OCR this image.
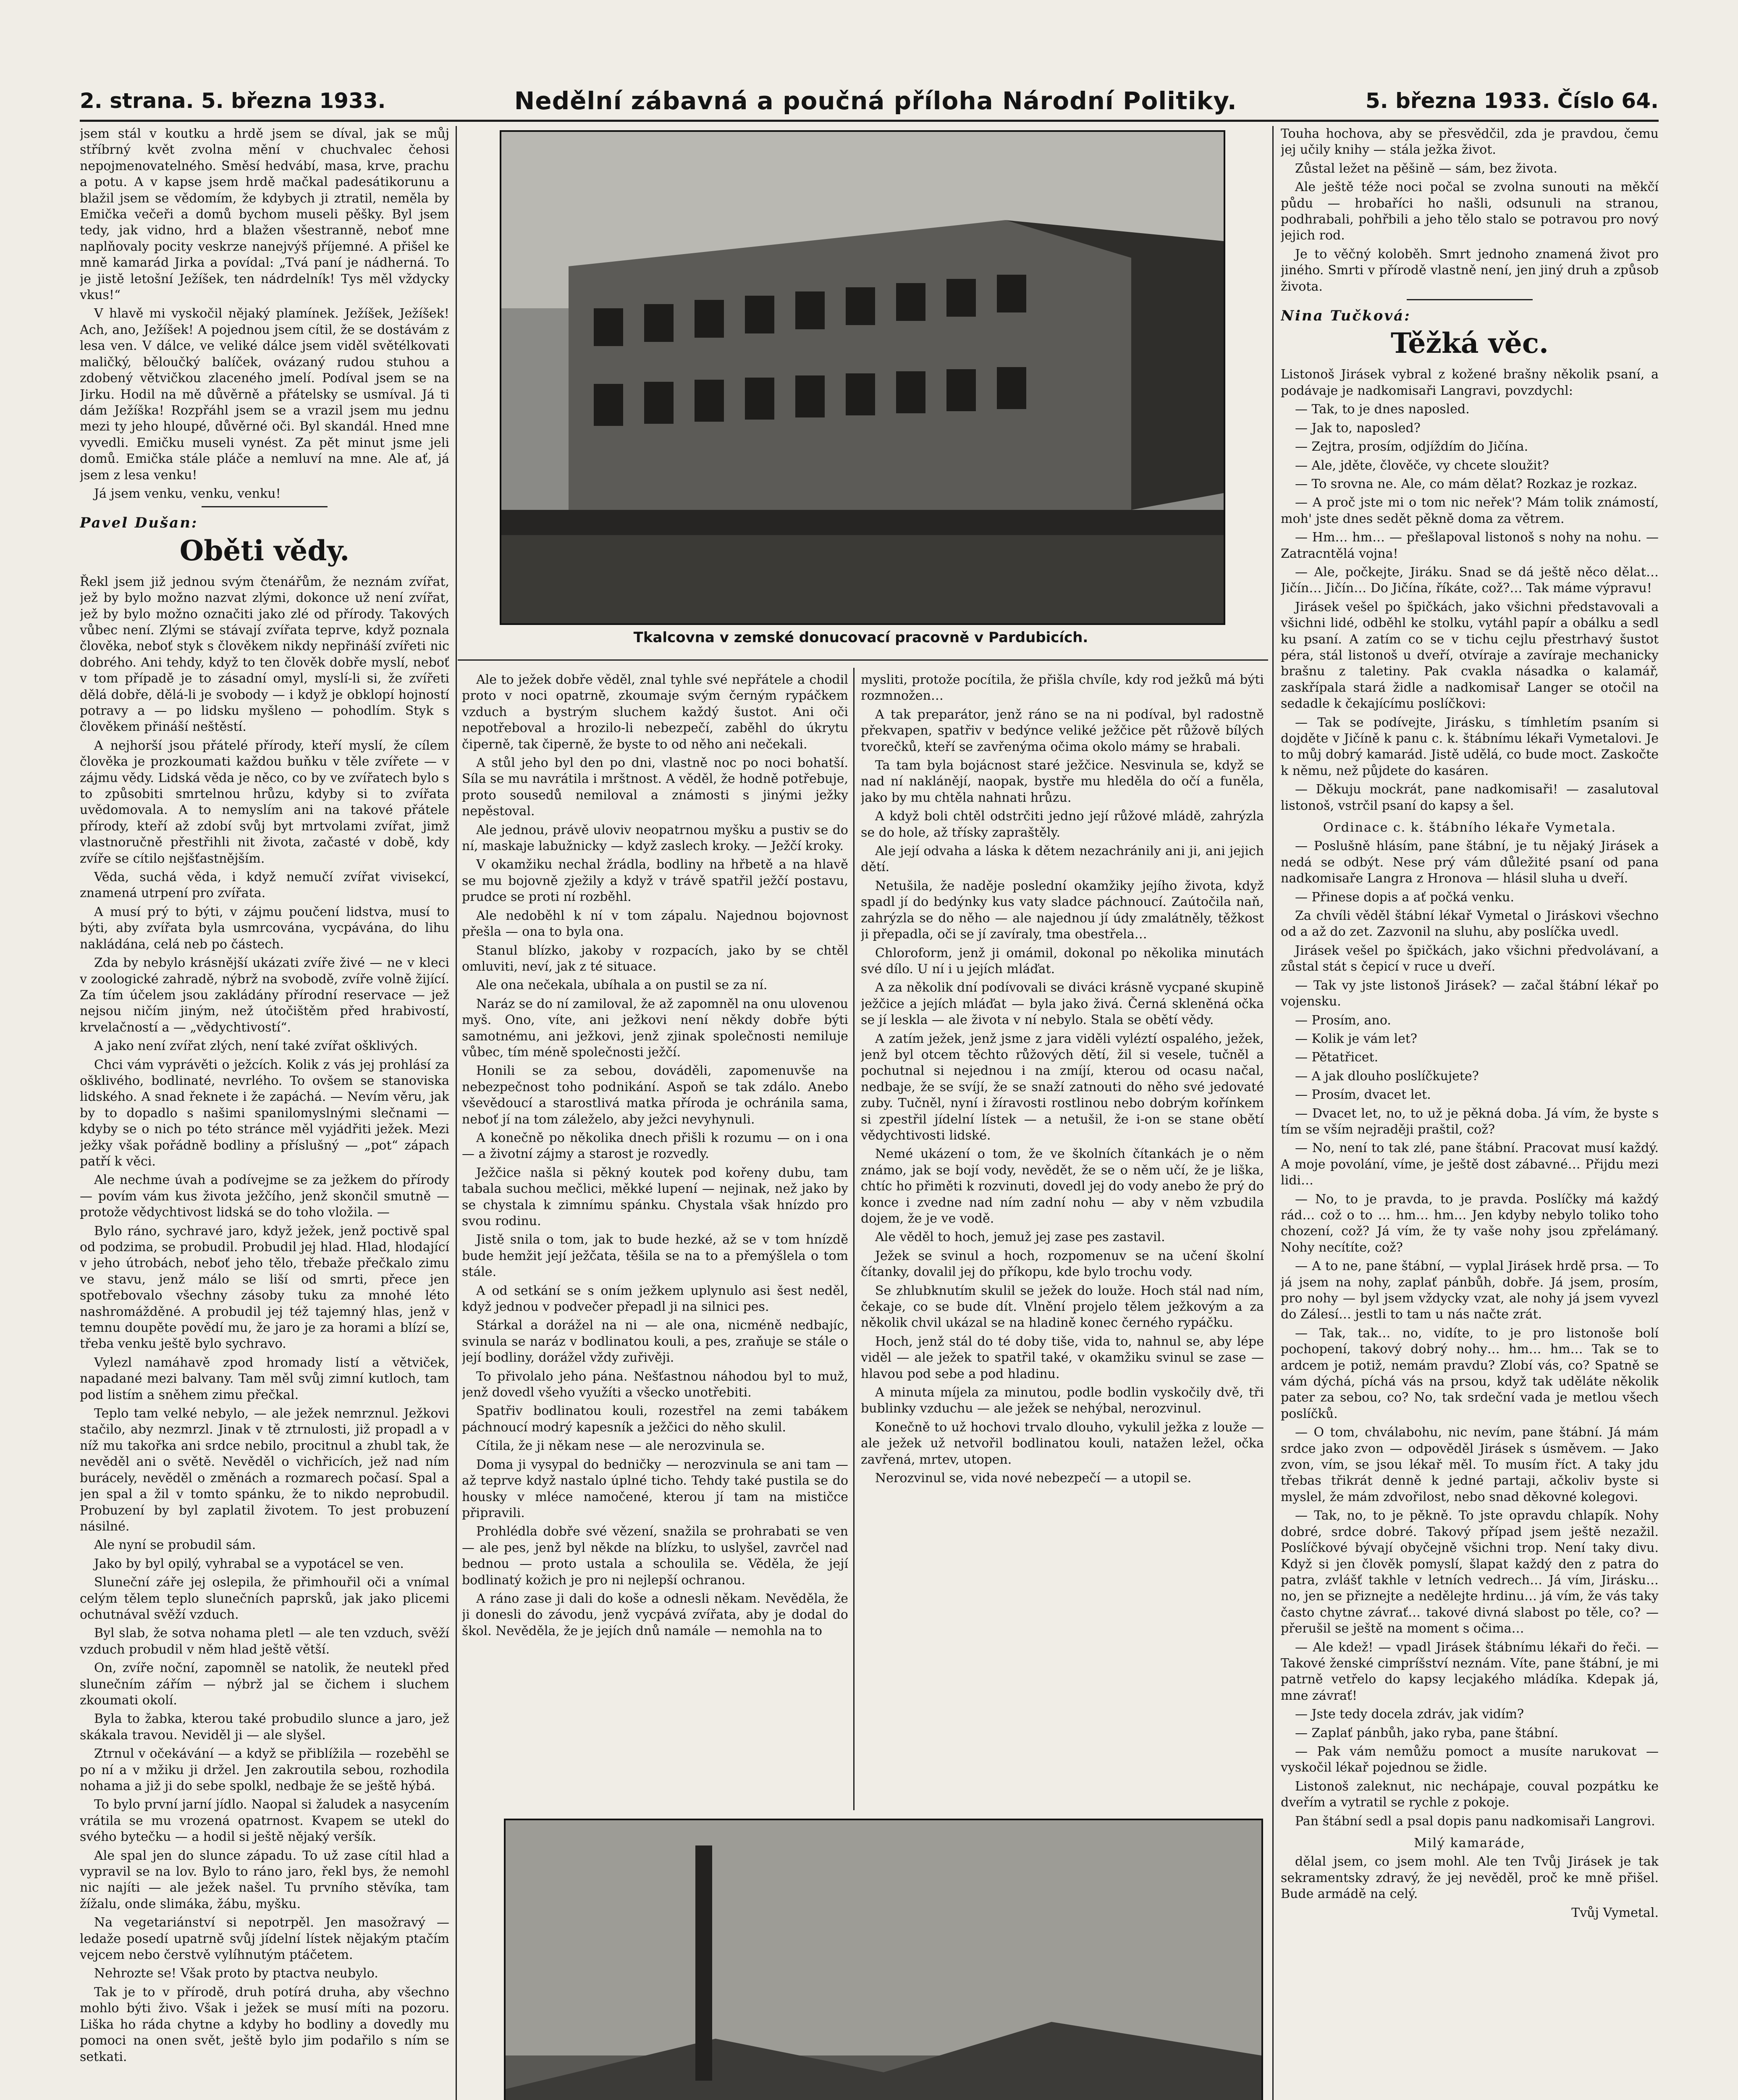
2. strana. 5. března 1933.	Nedělní zábavná a poučná příloha Národní Politiky.	5. března 1933. Číslo 64.

jsem stál v koutku a hrdě jsem se díval, jak se můj stříbrný květ zvolna mění v chuchvalec čehosi nepojmenovatelného. Směsí hedvábí, masa, krve, prachu a potu. A v kapse jsem hrdě mačkal padesátikorunu a blažil jsem se vědomím, že kdybych ji ztratil, neměla by Emička večeři a domů bychom museli pěšky. Byl jsem tedy, jak vidno, hrd a blažen všestranně, neboť mne naplňovaly pocity veskrze nanejvýš příjemné. A přišel ke mně kamarád Jirka a povídal: „Tvá paní je nádherná. To je jistě letošní Ježíšek, ten nádrdelník! Tys měl vždycky vkus!“

V hlavě mi vyskočil nějaký plamínek. Ježíšek, Ježíšek! Ach, ano, Ježíšek! A pojednou jsem cítil, že se dostávám z lesa ven. V dálce, ve veliké dálce jsem viděl světélkovati maličký, běloučký balíček, ovázaný rudou stuhou a zdobený větvičkou zlaceného jmelí. Podíval jsem se na Jirku. Hodil na mě důvěrně a přátelsky se usmíval. Já ti dám Ježíška! Rozpřáhl jsem se a vrazil jsem mu jednu mezi ty jeho hloupé, důvěrné oči. Byl skandál. Hned mne vyvedli. Emičku museli vynést. Za pět minut jsme jeli domů. Emička stále pláče a nemluví na mne. Ale ať, já jsem z lesa venku!

Já jsem venku, venku, venku!

Pavel Dušan:
Oběti vědy.

Řekl jsem již jednou svým čtenářům, že neznám zvířat, jež by bylo možno nazvat zlými, dokonce už není zvířat, jež by bylo možno označiti jako zlé od přírody. Takových vůbec není. Zlými se stávají zvířata teprve, když poznala člověka, neboť styk s člověkem nikdy nepřináší zvířeti nic dobrého. Ani tehdy, když to ten člověk dobře myslí, neboť v tom případě je to zásadní omyl, myslí-li si, že zvířeti dělá dobře, dělá-li je svobody — i když je obklopí hojností potravy a — po lidsku myšleno — pohodlím. Styk s člověkem přináší neštěstí.

A nejhorší jsou přátelé přírody, kteří myslí, že cílem člověka je prozkoumati každou buňku v těle zvířete — v zájmu vědy. Lidská věda je něco, co by ve zvířatech bylo s to způsobiti smrtelnou hrůzu, kdyby si to zvířata uvědomovala. A to nemyslím ani na takové přátele přírody, kteří až zdobí svůj byt mrtvolami zvířat, jimž vlastnoručně přestřihli nit života, začasté v době, kdy zvíře se cítilo nejšťastnějším.

Věda, suchá věda, i když nemučí zvířat vivisekcí, znamená utrpení pro zvířata.

A musí prý to býti, v zájmu poučení lidstva, musí to býti, aby zvířata byla usmrcována, vycpávána, do lihu nakládána, celá neb po částech.

Zda by nebylo krásnější ukázati zvíře živé — ne v kleci v zoologické zahradě, nýbrž na svobodě, zvíře volně žijící. Za tím účelem jsou zakládány přírodní reservace — jež nejsou ničím jiným, než útočištěm před hrabivostí, krvelačností a — „vědychtivostí“.

A jako není zvířat zlých, není také zvířat ošklivých.

Chci vám vyprávěti o ježcích. Kolik z vás jej prohlásí za ošklivého, bodlinaté, nevrlého. To ovšem se stanoviska lidského. A snad řeknete i že zapáchá. — Nevím věru, jak by to dopadlo s našimi spanilomyslnými slečnami — kdyby se o nich po této stránce měl vyjádřiti ježek. Mezi ježky však pořádně bodliny a příslušný — „pot“ zápach patří k věci.

Ale nechme úvah a podívejme se za ježkem do přírody — povím vám kus života ježčího, jenž skončil smutně — protože vědychtivost lidská se do toho vložila. —

Bylo ráno, sychravé jaro, když ježek, jenž poctivě spal od podzima, se probudil. Probudil jej hlad. Hlad, hlodající v jeho útrobách, neboť jeho tělo, třebaže přečkalo zimu ve stavu, jenž málo se liší od smrti, přece jen spotřebovalo všechny zásoby tuku za mnohé léto nashromážděné. A probudil jej též tajemný hlas, jenž v temnu doupěte povědí mu, že jaro je za horami a blízí se, třeba venku ještě bylo sychravo.

Vylezl namáhavě zpod hromady listí a větviček, napadané mezi balvany. Tam měl svůj zimní kutloch, tam pod listím a sněhem zimu přečkal.

Teplo tam velké nebylo, — ale ježek nemrznul. Ježkovi stačilo, aby nezmrzl. Jinak v tě ztrnulosti, již propadl a v níž mu takořka ani srdce nebilo, procitnul a zhubl tak, že nevěděl ani o světě. Nevěděl o vichřicích, jež nad ním burácely, nevěděl o změnách a rozmarech počasí. Spal a jen spal a žil v tomto spánku, že to nikdo neprobudil. Probuzení by byl zaplatil životem. To jest probuzení násilné.

Ale nyní se probudil sám.

Jako by byl opilý, vyhrabal se a vypotácel se ven.

Sluneční záře jej oslepila, že přimhouřil oči a vnímal celým tělem teplo slunečních paprsků, jak jako plicemi ochutnával svěží vzduch.

Byl slab, že sotva nohama pletl — ale ten vzduch, svěží vzduch probudil v něm hlad ještě větší.

On, zvíře noční, zapomněl se natolik, že neutekl před slunečním zářím — nýbrž jal se čichem i sluchem zkoumati okolí.

Byla to žabka, kterou také probudilo slunce a jaro, jež skákala travou. Neviděl ji — ale slyšel.

Ztrnul v očekávání — a když se přiblížila — rozeběhl se po ní a v mžiku ji držel. Jen zakroutila sebou, rozhodila nohama a již ji do sebe spolkl, nedbaje že se ještě hýbá.

To bylo první jarní jídlo. Naopal si žaludek a nasycením vrátila se mu vrozená opatrnost. Kvapem se utekl do svého bytečku — a hodil si ještě nějaký veršík.

Ale spal jen do slunce západu. To už zase cítil hlad a vypravil se na lov. Bylo to ráno jaro, řekl bys, že nemohl nic najíti — ale ježek našel. Tu prvního stěvíka, tam žížalu, onde slimáka, žábu, myšku.

Na vegetariánství si nepotrpěl. Jen masožravý — ledaže posedí upatrně svůj jídelní lístek nějakým ptačím vejcem nebo čerstvě vylíhnutým ptáčetem.

Nehrozte se! Však proto by ptactva neubylo.

Tak je to v přírodě, druh potírá druha, aby všechno mohlo býti živo. Však i ježek se musí míti na pozoru. Liška ho ráda chytne a kdyby ho bodliny a dovedly mu pomoci na onen svět, ještě bylo jim podařilo s ním se setkati.

Tkalcovna v zemské donucovací pracovně v Pardubicích.

Ale to ježek dobře věděl, znal tyhle své nepřátele a chodil proto v noci opatrně, zkoumaje svým černým rypáčkem vzduch a bystrým sluchem každý šustot. Ani oči nepotřeboval a hrozilo-li nebezpečí, zaběhl do úkrytu čiperně, tak čiperně, že byste to od něho ani nečekali.

A stůl jeho byl den po dni, vlastně noc po noci bohatší. Síla se mu navrátila i mrštnost. A věděl, že hodně potřebuje, proto sousedů nemiloval a známosti s jinými ježky nepěstoval.

Ale jednou, právě uloviv neopatrnou myšku a pustiv se do ní, maskaje labužnicky — když zaslech kroky. — Ježčí kroky.

V okamžiku nechal žrádla, bodliny na hřbetě a na hlavě se mu bojovně zježily a když v trávě spatřil ježčí postavu, prudce se proti ní rozběhl.

Ale nedoběhl k ní v tom zápalu. Najednou bojovnost přešla — ona to byla ona.

Stanul blízko, jakoby v rozpacích, jako by se chtěl omluviti, neví, jak z té situace.

Ale ona nečekala, ubíhala a on pustil se za ní.

Naráz se do ní zamiloval, že až zapomněl na onu ulovenou myš. Ono, víte, ani ježkovi není někdy dobře býti samotnému, ani ježkovi, jenž zjinak společnosti nemiluje vůbec, tím méně společnosti ježčí.

Honili se za sebou, dováděli, zapomenuvše na nebezpečnost toho podnikání. Aspoň se tak zdálo. Anebo vševědoucí a starostlivá matka příroda je ochránila sama, neboť jí na tom záleželo, aby ježci nevyhynuli.

A konečně po několika dnech přišli k rozumu — on i ona — a životní zájmy a starost je rozvedly.

Ježčice našla si pěkný koutek pod kořeny dubu, tam tabala suchou mečlici, měkké lupení — nejinak, než jako by se chystala k zimnímu spánku. Chystala však hnízdo pro svou rodinu.

Jistě snila o tom, jak to bude hezké, až se v tom hnízdě bude hemžit její ježčata, těšila se na to a přemýšlela o tom stále.

A od setkání se s oním ježkem uplynulo asi šest neděl, když jednou v podvečer přepadl ji na silnici pes.

Stárkal a dorážel na ni — ale ona, nicméně nedbajíc, svinula se naráz v bodlinatou kouli, a pes, zraňuje se stále o její bodliny, dorážel vždy zuřivěji.

To přivolalo jeho pána. Nešťastnou náhodou byl to muž, jenž dovedl všeho využíti a všecko unotřebiti.

Spatřiv bodlinatou kouli, rozestřel na zemi tabákem páchnoucí modrý kapesník a ježčici do něho skulil.

Cítila, že ji někam nese — ale nerozvinula se.

Doma ji vysypal do bedničky — nerozvinula se ani tam — až teprve když nastalo úplné ticho. Tehdy také pustila se do housky v mléce namočené, kterou jí tam na mističce připravili.

Prohlédla dobře své vězení, snažila se prohrabati se ven — ale pes, jenž byl někde na blízku, to uslyšel, zavrčel nad bednou — proto ustala a schoulila se. Věděla, že její bodlinatý kožich je pro ni nejlepší ochranou.

A ráno zase ji dali do koše a odnesli někam. Nevěděla, že ji donesli do závodu, jenž vycpává zvířata, aby je dodal do škol. Nevěděla, že je jejích dnů namále — nemohla na to

mysliti, protože pocítila, že přišla chvíle, kdy rod ježků má býti rozmnožen…

A tak preparátor, jenž ráno se na ni podíval, byl radostně překvapen, spatřiv v bedýnce veliké ježčice pět růžově bílých tvorečků, kteří se zavřenýma očima okolo mámy se hrabali.

Ta tam byla bojácnost staré ježčice. Nesvinula se, když se nad ní naklánějí, naopak, bystře mu hleděla do očí a funěla, jako by mu chtěla nahnati hrůzu.

A když boli chtěl odstrčiti jedno její růžové mládě, zahrýzla se do hole, až třísky zapraštěly.

Ale její odvaha a láska k dětem nezachránily ani ji, ani jejich dětí.

Netušila, že naděje poslední okamžiky jejího života, když spadl jí do bedýnky kus vaty sladce páchnoucí. Zaútočila naň, zahrýzla se do něho — ale najednou jí údy zmalátněly, těžkost ji přepadla, oči se jí zavíraly, tma obestřela…

Chloroform, jenž ji omámil, dokonal po několika minutách své dílo. U ní i u jejích mláďat.

A za několik dní podívovali se diváci krásně vycpané skupině ježčice a jejích mláďat — byla jako živá. Černá skleněná očka se jí leskla — ale života v ní nebylo. Stala se obětí vědy.

A zatím ježek, jenž jsme z jara viděli vyléztí ospalého, ježek, jenž byl otcem těchto růžových dětí, žil si vesele, tučněl a pochutnal si nejednou i na zmíjí, kterou od ocasu načal, nedbaje, že se svíjí, že se snaží zatnouti do něho své jedovaté zuby. Tučněl, nyní i žíravosti rostlinou nebo dobrým kořínkem si zpestřil jídelní lístek — a netušil, že i-on se stane obětí vědychtivosti lidské.

Nemé ukázení o tom, že ve školních čítankách je o něm známo, jak se bojí vody, nevědět, že se o něm učí, že je liška, chtíc ho přiměti k rozvinuti, dovedl jej do vody anebo že prý do konce i zvedne nad ním zadní nohu — aby v něm vzbudila dojem, že je ve vodě.

Ale věděl to hoch, jemuž jej zase pes zastavil.

Ježek se svinul a hoch, rozpomenuv se na učení školní čítanky, dovalil jej do příkopu, kde bylo trochu vody.

Se zhlubknutím skulil se ježek do louže. Hoch stál nad ním, čekaje, co se bude dít. Vlnění projelo tělem ježkovým a za několik chvil ukázal se na hladině konec černého rypáčku.

Hoch, jenž stál do té doby tiše, vida to, nahnul se, aby lépe viděl — ale ježek to spatřil také, v okamžiku svinul se zase — hlavou pod sebe a pod hladinu.

A minuta míjela za minutou, podle bodlin vyskočily dvě, tři bublinky vzduchu — ale ježek se nehýbal, nerozvinul.

Konečně to už hochovi trvalo dlouho, vykulil ježka z louže — ale ježek už netvořil bodlinatou kouli, natažen ležel, očka zavřená, mrtev, utopen.

Nerozvinul se, vida nové nebezpečí — a utopil se.

Touha hochova, aby se přesvědčil, zda je pravdou, čemu jej učily knihy — stála ježka život.

Zůstal ležet na pěšině — sám, bez života.

Ale ještě téže noci počal se zvolna sunouti na měkčí půdu — hrobaříci ho našli, odsunuli na stranou, podhrabali, pohřbili a jeho tělo stalo se potravou pro nový jejich rod.

Je to věčný koloběh. Smrt jednoho znamená život pro jiného. Smrti v přírodě vlastně není, jen jiný druh a způsob života.

Nina Tučková:
Těžká věc.

Listonoš Jirásek vybral z kožené brašny několik psaní, a podávaje je nadkomisaři Langravi, povzdychl:

— Tak, to je dnes naposled.

— Jak to, naposled?

— Zejtra, prosím, odjíždím do Jičína.

— Ale, jděte, člověče, vy chcete sloužit?

— To srovna ne. Ale, co mám dělat? Rozkaz je rozkaz.

— A proč jste mi o tom nic neřek'? Mám tolik známostí, moh' jste dnes sedět pěkně doma za větrem.

— Hm… hm… — přešlapoval listonoš s nohy na nohu. — Zatracntělá vojna!

— Ale, počkejte, Jiráku. Snad se dá ještě něco dělat… Jičín… Jičín… Do Jičína, říkáte, což?… Tak máme výpravu!

Jirásek vešel po špičkách, jako všichni představovali a všichni lidé, odběhl ke stolku, vytáhl papír a obálku a sedl ku psaní. A zatím co se v tichu cejlu přestrhavý šustot péra, stál listonoš u dveří, otvíraje a zavíraje mechanicky brašnu z taletiny. Pak cvakla násadka o kalamář, zaskřípala stará židle a nadkomisař Langer se otočil na sedadle k čekajícímu poslíčkovi:

— Tak se podívejte, Jirásku, s tímhletím psaním si dojděte v Jičíně k panu c. k. štábnímu lékaři Vymetalovi. Je to můj dobrý kamarád. Jistě udělá, co bude moct. Zaskočte k němu, než půjdete do kasáren.

— Děkuju mockrát, pane nadkomisaři! — zasalutoval listonoš, vstrčil psaní do kapsy a šel.

Ordinace c. k. štábního lékaře Vymetala.

— Poslušně hlásím, pane štábní, je tu nějaký Jirásek a nedá se odbýt. Nese prý vám důležité psaní od pana nadkomisaře Langra z Hronova — hlásil sluha u dveří.

— Přinese dopis a ať počká venku.

Za chvíli věděl štábní lékař Vymetal o Jiráskovi všechno od a až do zet. Zazvonil na sluhu, aby poslíčka uvedl.

Jirásek vešel po špičkách, jako všichni předvolávaní, a zůstal stát s čepicí v ruce u dveří.

— Tak vy jste listonoš Jirásek? — začal štábní lékař po vojensku.

— Prosím, ano.

— Kolik je vám let?

— Pětatřicet.

— A jak dlouho poslíčkujete?

— Prosím, dvacet let.

— Dvacet let, no, to už je pěkná doba. Já vím, že byste s tím se vším nejraději praštil, což?

— No, není to tak zlé, pane štábní. Pracovat musí každý. A moje povolání, víme, je ještě dost zábavné… Přijdu mezi lidi…

— No, to je pravda, to je pravda. Poslíčky má každý rád… což o to … hm… hm… Jen kdyby nebylo toliko toho chození, což? Já vím, že ty vaše nohy jsou zpřelámaný. Nohy necítíte, což?

— A to ne, pane štábní, — vyplal Jirásek hrdě prsa. — To já jsem na nohy, zaplať pánbůh, dobře. Já jsem, prosím, pro nohy — byl jsem vždycky vzat, ale nohy já jsem vyvezl do Zálesí… jestli to tam u nás načte zrát.

— Tak, tak… no, vidíte, to je pro listonoše bolí pochopení, takový dobrý nohy… hm… hm… Tak se to ardcem je potiž, nemám pravdu? Zlobí vás, co? Spatně se vám dýchá, píchá vás na prsou, když tak uděláte několik pater za sebou, co? No, tak srdeční vada je metlou všech poslíčků.

— O tom, chválabohu, nic nevím, pane štábní. Já mám srdce jako zvon — odpověděl Jirásek s úsměvem. — Jako zvon, vím, se jsou lékař měl. To musím říct. A taky jdu třebas třikrát denně k jedné partaji, ačkoliv byste si myslel, že mám zdvořilost, nebo snad děkovné kolegovi.

— Tak, no, to je pěkně. To jste opravdu chlapík. Nohy dobré, srdce dobré. Takový případ jsem ještě nezažil. Poslíčkové bývají obyčejně všichni trop. Není taky divu. Když si jen člověk pomyslí, šlapat každý den z patra do patra, zvlášť takhle v letních vedrech… Já vím, Jirásku… no, jen se přiznejte a nedělejte hrdinu… já vím, že vás taky často chytne závrať… takové divná slabost po těle, co? — přerušil se ještě na moment s očima…

— Ale kdež! — vpadl Jirásek štábnímu lékaři do řeči. — Takové ženské cimpríšství neznám. Víte, pane štábní, je mi patrně vetřelo do kapsy lecjakého mládíka. Kdepak já, mne závrať!

— Jste tedy docela zdráv, jak vidím?

— Zaplať pánbůh, jako ryba, pane štábní.

— Pak vám nemůžu pomoct a musíte narukovat — vyskočil lékař pojednou se židle.

Listonoš zaleknut, nic nechápaje, couval pozpátku ke dveřím a vytratil se rychle z pokoje.

Pan štábní sedl a psal dopis panu nadkomisaři Langrovi.

Milý kamaráde,

dělal jsem, co jsem mohl. Ale ten Tvůj Jirásek je tak sekramentsky zdravý, že jej nevěděl, proč ke mně přišel. Bude armádě na celý.

Tvůj Vymetal.
